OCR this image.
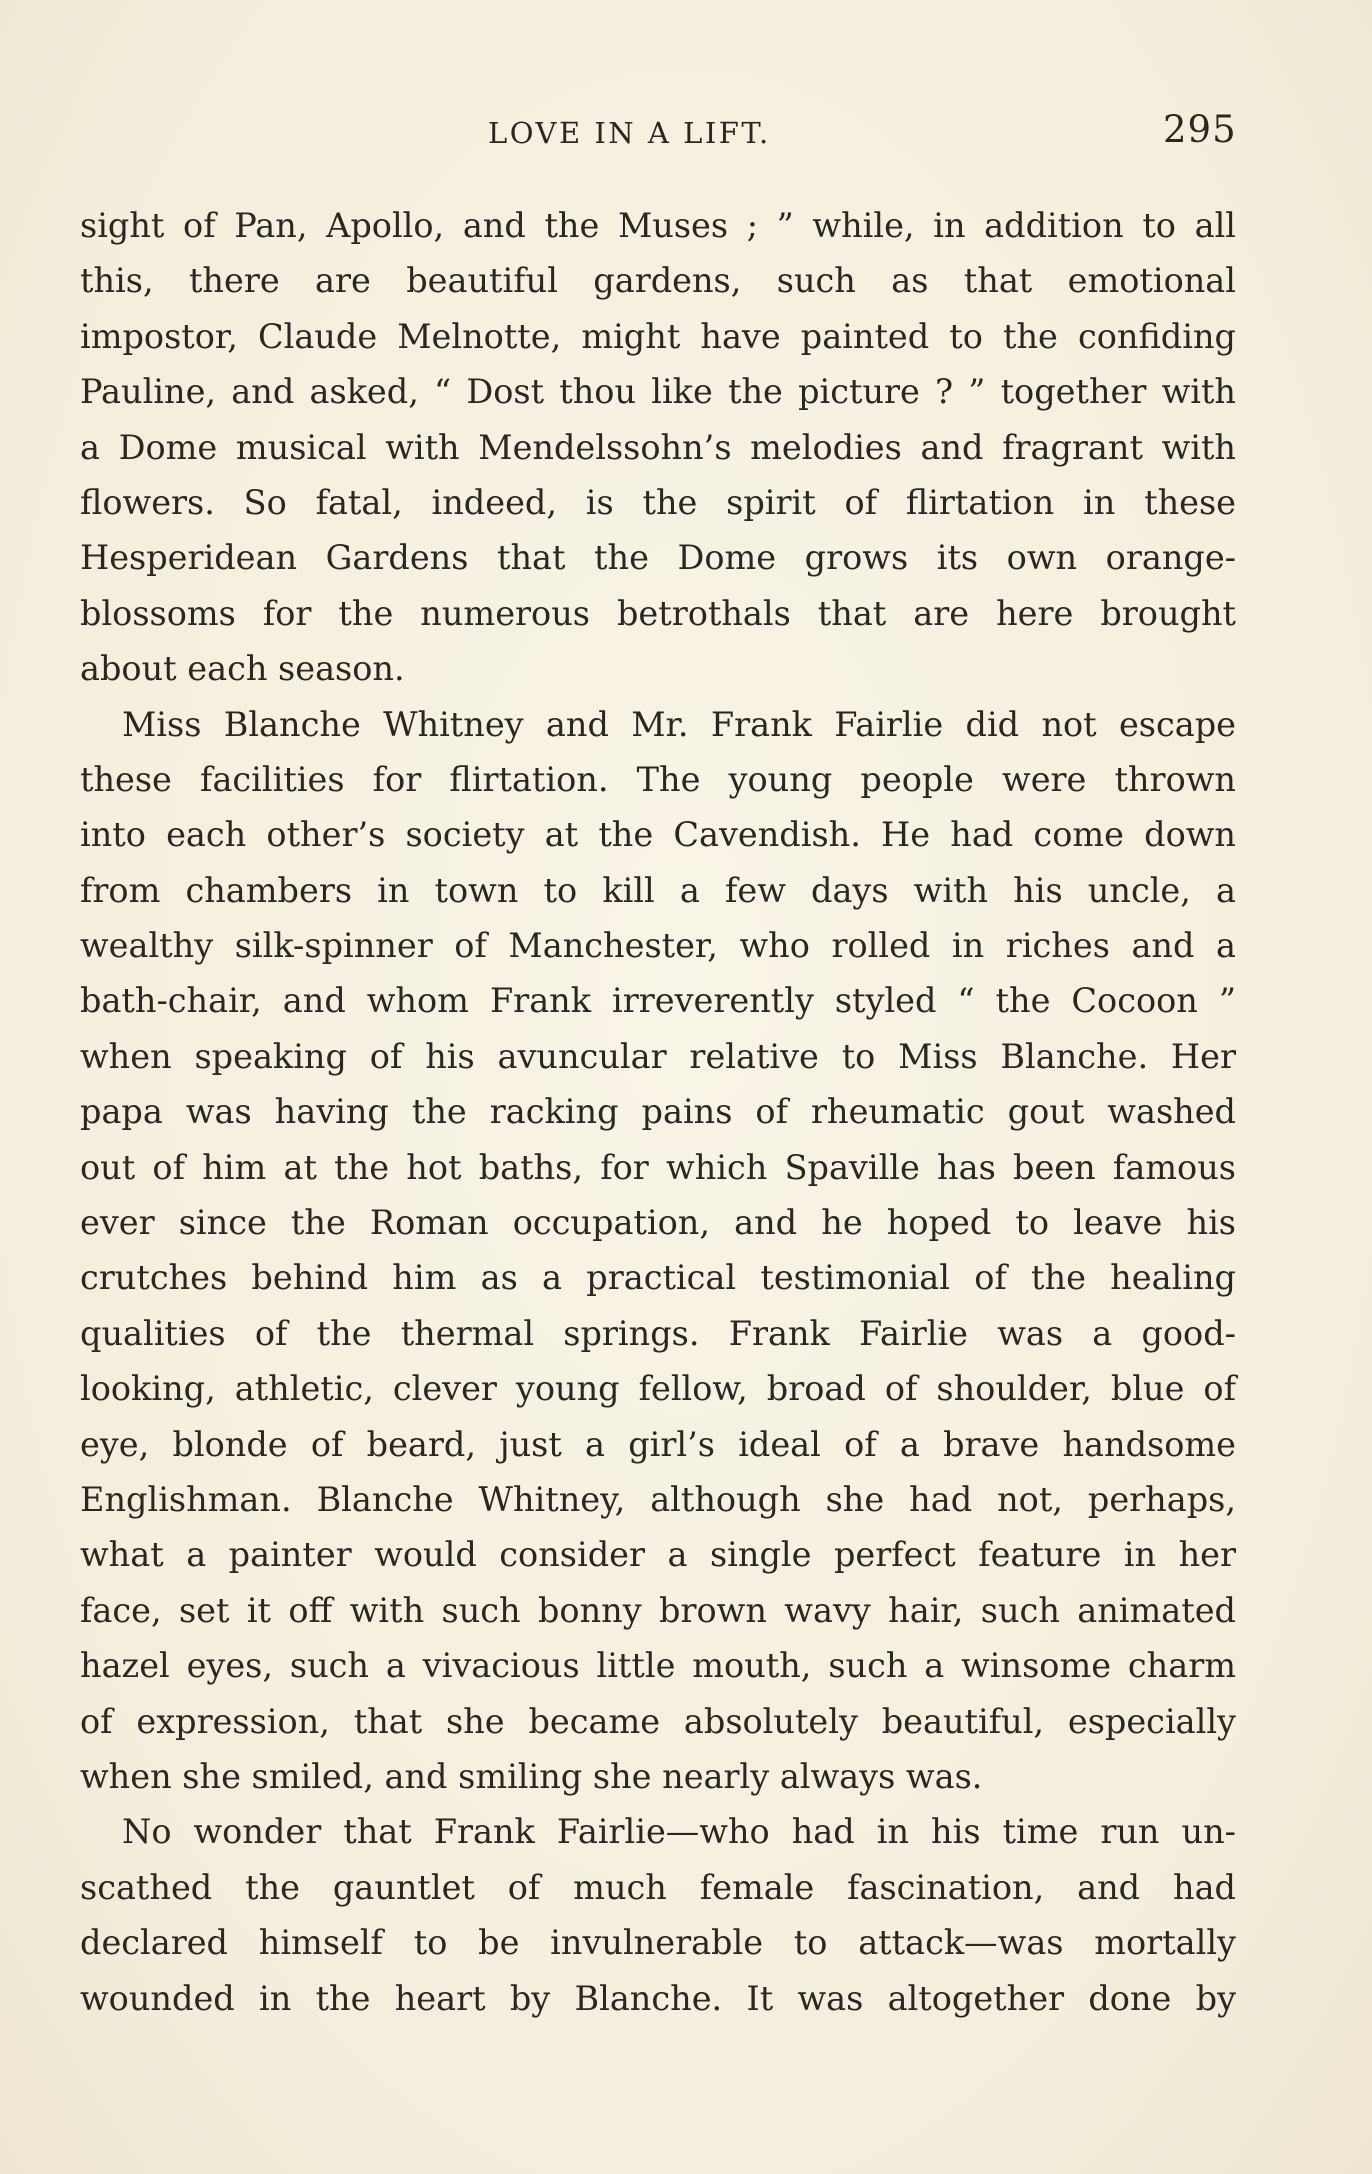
LOVE IN A LIFT.	295
sight of Pan, Apollo, and the Muses ; ” while, in addition to all
this, there are beautiful gardens, such as that emotional
impostor, Claude Melnotte, might have painted to the confiding
Pauline, and asked, “ Dost thou like the picture ? ” together with
a Dome musical with Mendelssohn’s melodies and fragrant with
flowers. So fatal, indeed, is the spirit of flirtation in these
Hesperidean Gardens that the Dome grows its own orange-
blossoms for the numerous betrothals that are here brought
about each season.
Miss Blanche Whitney and Mr. Frank Fairlie did not escape
these facilities for flirtation. The young people were thrown
into each other’s society at the Cavendish. He had come down
from chambers in town to kill a few days with his uncle, a
wealthy silk-spinner of Manchester, who rolled in riches and a
bath-chair, and whom Frank irreverently styled “ the Cocoon ”
when speaking of his avuncular relative to Miss Blanche. Her
papa was having the racking pains of rheumatic gout washed
out of him at the hot baths, for which Spaville has been famous
ever since the Roman occupation, and he hoped to leave his
crutches behind him as a practical testimonial of the healing
qualities of the thermal springs. Frank Fairlie was a good-
looking, athletic, clever young fellow, broad of shoulder, blue of
eye, blonde of beard, just a girl’s ideal of a brave handsome
Englishman. Blanche Whitney, although she had not, perhaps,
what a painter would consider a single perfect feature in her
face, set it off with such bonny brown wavy hair, such animated
hazel eyes, such a vivacious little mouth, such a winsome charm
of expression, that she became absolutely beautiful, especially
when she smiled, and smiling she nearly always was.
No wonder that Frank Fairlie—who had in his time run un-
scathed the gauntlet of much female fascination, and had
declared himself to be invulnerable to attack—was mortally
wounded in the heart by Blanche. It was altogether done by
